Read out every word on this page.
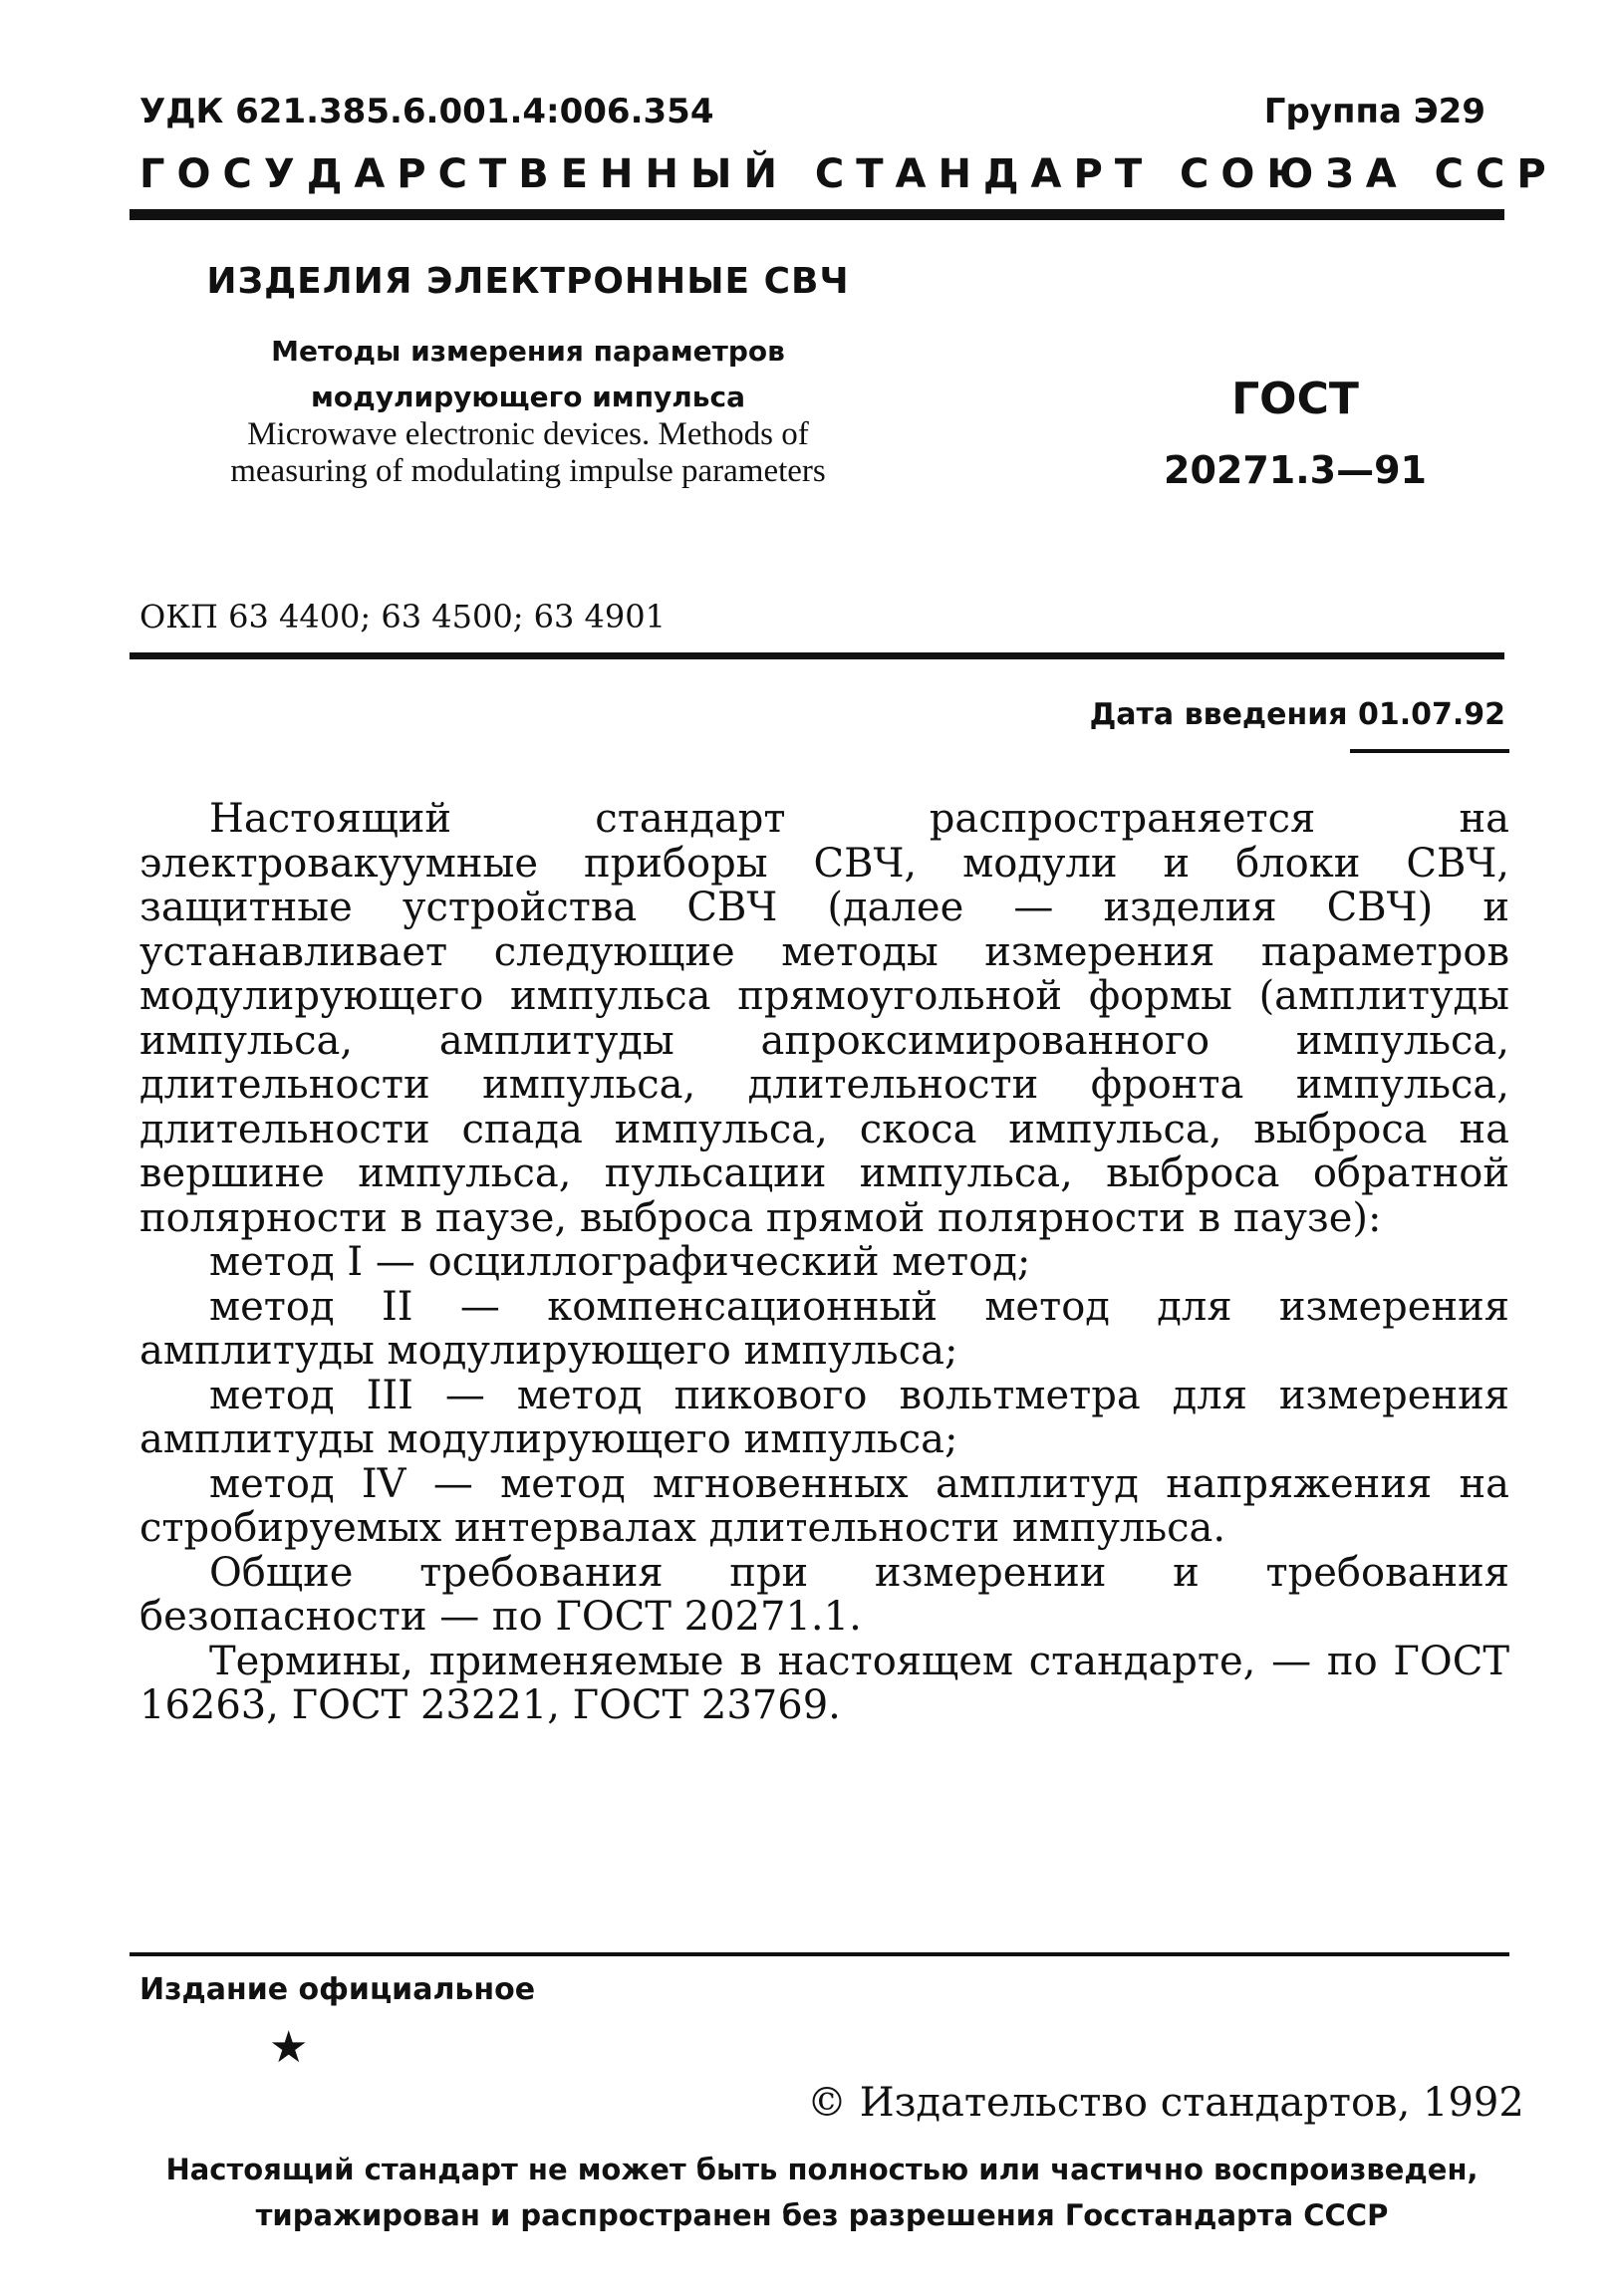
УДК 621.385.6.001.4:006.354	Группа Э29
ГОСУДАРСТВЕННЫЙ СТАНДАРТ СОЮЗА ССР
ИЗДЕЛИЯ ЭЛЕКТРОННЫЕ СВЧ
Методы измерения параметров модулирующего импульса
Microwave electronic devices. Methods of measuring of modulating impulse parameters
ГОСТ
20271.3—91
ОКП 63 4400; 63 4500; 63 4901
Дата введения 01.07.92

Настоящий стандарт распространяется на электровакуумные приборы СВЧ, модули и блоки СВЧ, защитные устройства СВЧ (далее — изделия СВЧ) и устанавливает следующие методы измерения параметров модулирующего импульса прямоугольной формы (амплитуды импульса, амплитуды апроксимированного импульса, длительности импульса, длительности фронта импульса, длительности спада импульса, скоса импульса, выброса на вершине импульса, пульсации импульса, выброса обратной полярности в паузе, выброса прямой полярности в паузе):

метод I — осциллографический метод;

метод II — компенсационный метод для измерения амплитуды модулирующего импульса;

метод III — метод пикового вольтметра для измерения амплитуды модулирующего импульса;

метод IV — метод мгновенных амплитуд напряжения на стробируемых интервалах длительности импульса.

Общие требования при измерении и требования безопасности — по ГОСТ 20271.1.

Термины, применяемые в настоящем стандарте, — по ГОСТ 16263, ГОСТ 23221, ГОСТ 23769.

Издание официальное
★
© Издательство стандартов, 1992
Настоящий стандарт не может быть полностью или частично воспроизведен, тиражирован и распространен без разрешения Госстандарта СССР
